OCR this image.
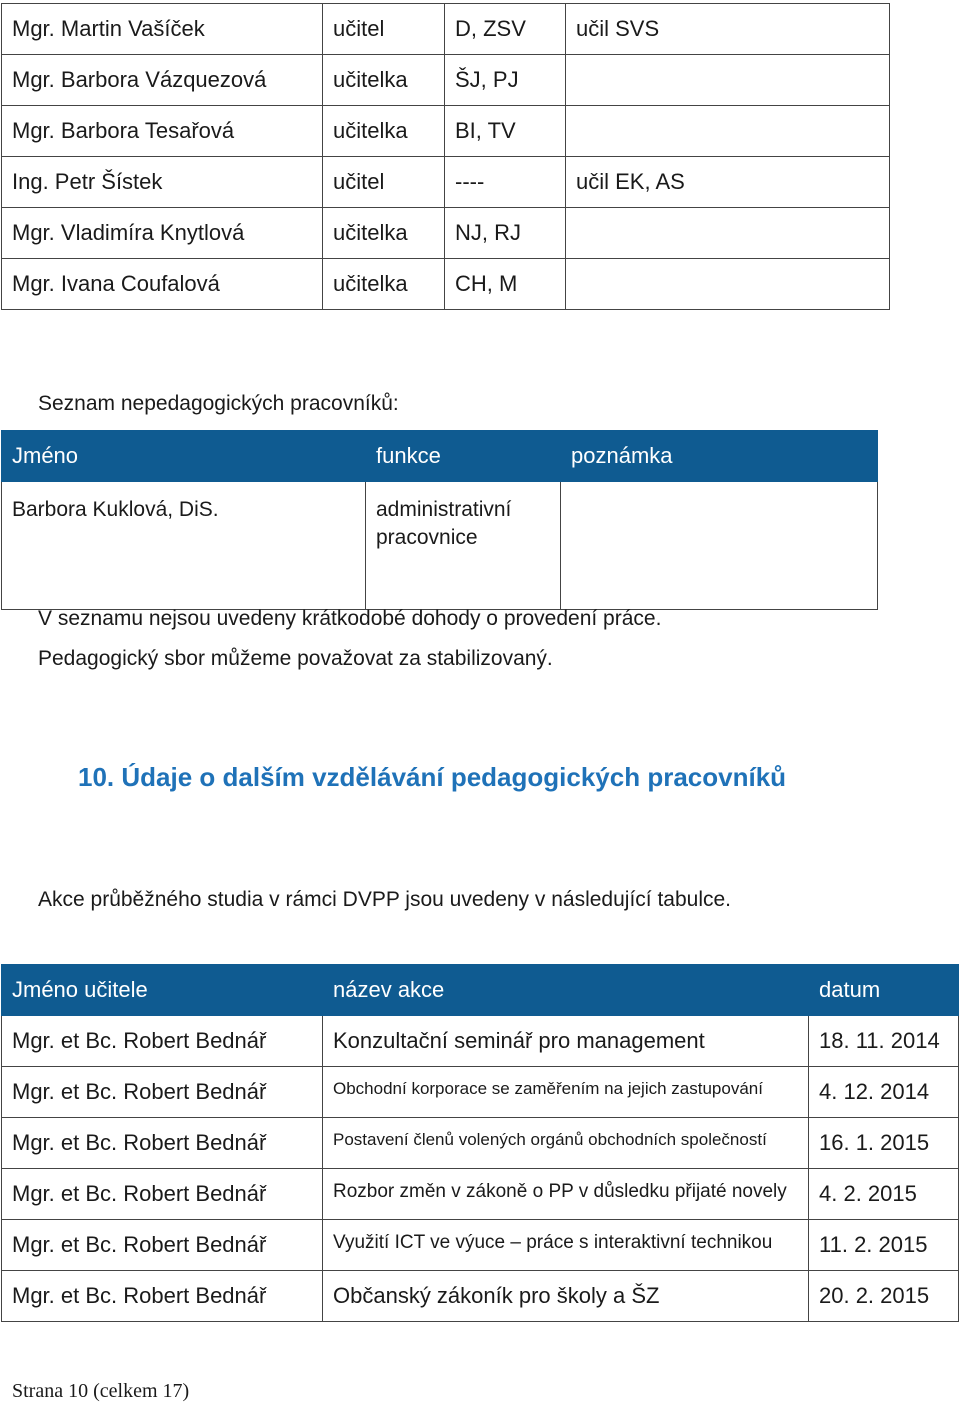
Mgr. Martin Vašíček	učitel	D, ZSV	učil SVS
Mgr. Barbora Vázquezová	učitelka	ŠJ, PJ	
Mgr. Barbora Tesařová	učitelka	BI, TV	
Ing. Petr Šístek	učitel	----	učil EK, AS
Mgr. Vladimíra Knytlová	učitelka	NJ, RJ	
Mgr. Ivana Coufalová	učitelka	CH, M	
Seznam nepedagogických pracovníků:
Jméno	funkce	poznámka
Barbora Kuklová, DiS.	administrativní
pracovnice	

V seznamu nejsou uvedeny krátkodobé dohody o provedení práce.
Pedagogický sbor můžeme považovat za stabilizovaný.
10. Údaje o dalším vzdělávání pedagogických pracovníků
Akce průběžného studia v rámci DVPP jsou uvedeny v následující tabulce.
Jméno učitele	název akce	datum
Mgr. et Bc. Robert Bednář	Konzultační seminář pro management	18. 11. 2014
Mgr. et Bc. Robert Bednář	Obchodní korporace se zaměřením na jejich zastupování	4. 12. 2014
Mgr. et Bc. Robert Bednář	Postavení členů volených orgánů obchodních společností	16. 1. 2015
Mgr. et Bc. Robert Bednář	Rozbor změn v zákoně o PP v důsledku přijaté novely	4. 2. 2015
Mgr. et Bc. Robert Bednář	Využití ICT ve výuce – práce s interaktivní technikou	11. 2. 2015
Mgr. et Bc. Robert Bednář	Občanský zákoník pro školy a ŠZ	20. 2. 2015
Strana 10 (celkem 17)
